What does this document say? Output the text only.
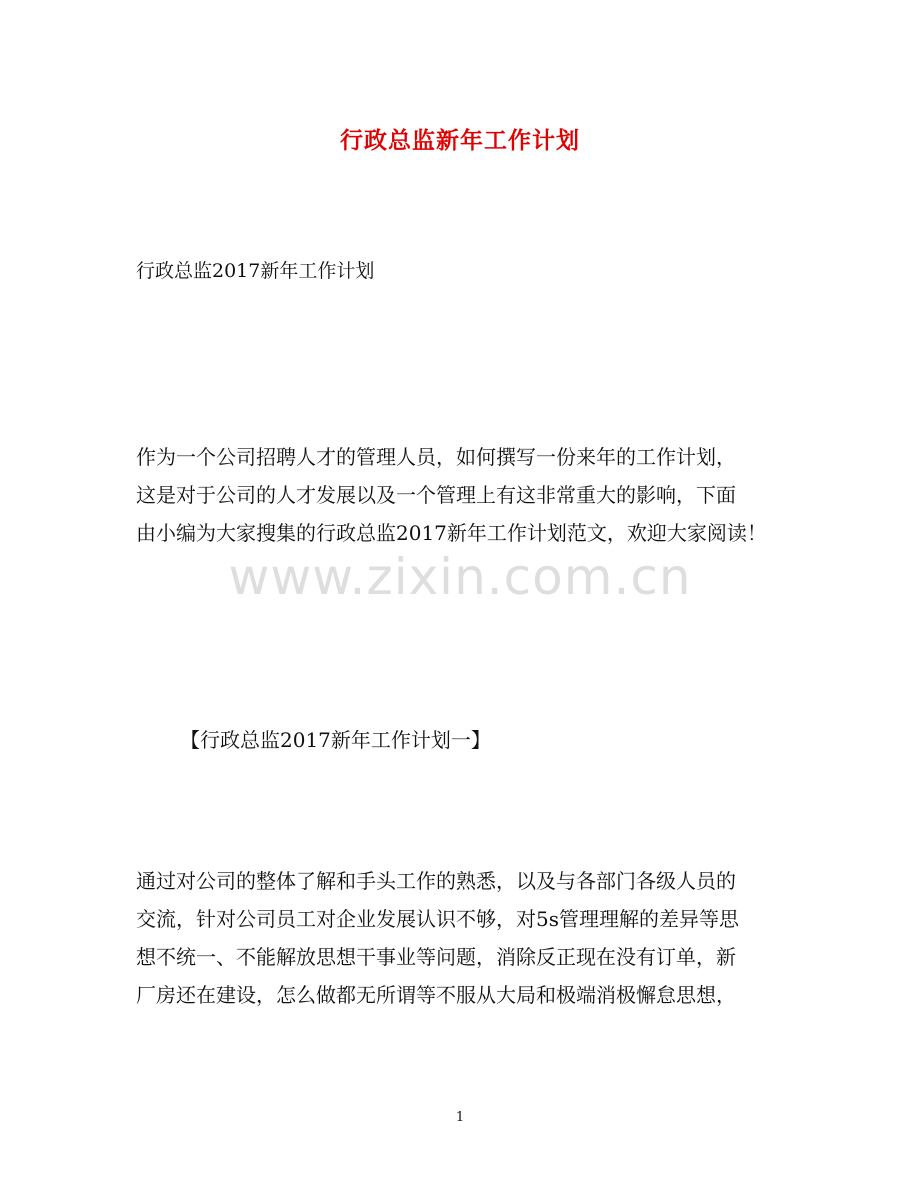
行政总监新年工作计划
行政总监2017新年工作计划
作为一个公司招聘人才的管理人员，如何撰写一份来年的工作计划，
这是对于公司的人才发展以及一个管理上有这非常重大的影响，下面
由小编为大家搜集的行政总监2017新年工作计划范文，欢迎大家阅读！
www.zixin.com.cn
【行政总监2017新年工作计划一】
通过对公司的整体了解和手头工作的熟悉，以及与各部门各级人员的
交流，针对公司员工对企业发展认识不够，对5s管理理解的差异等思
想不统一、不能解放思想干事业等问题，消除反正现在没有订单，新
厂房还在建设，怎么做都无所谓等不服从大局和极端消极懈怠思想，
1
